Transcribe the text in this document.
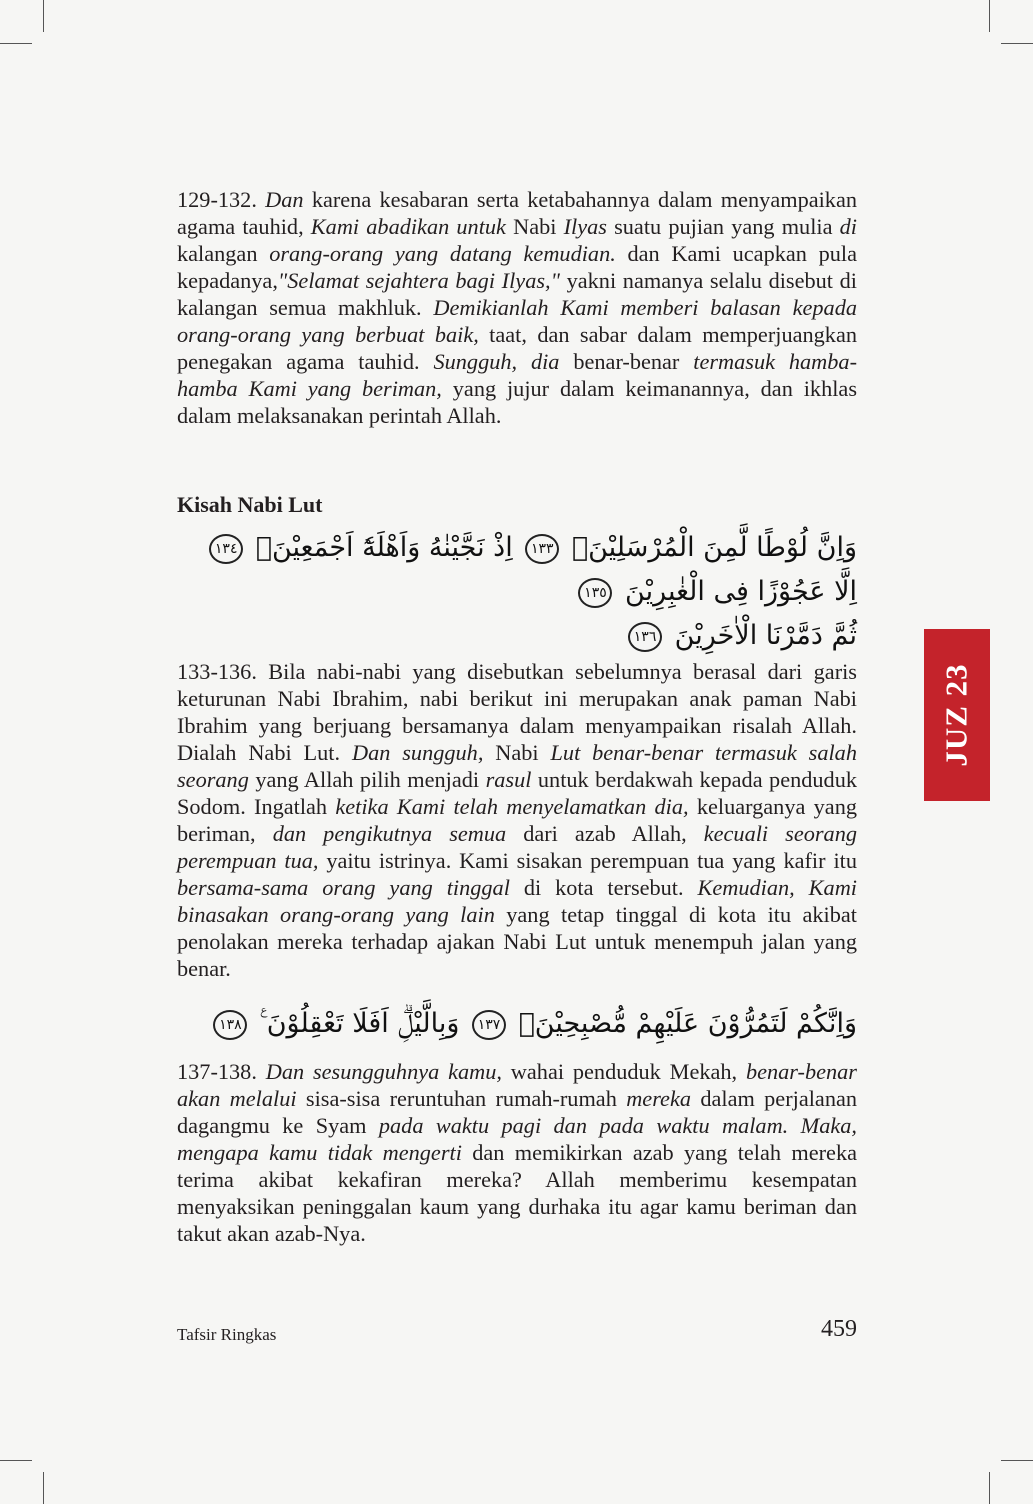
129-132. Dan karena kesabaran serta ketabahannya dalam menyampaikan agama tauhid, Kami abadikan untuk Nabi Ilyas suatu pujian yang mulia di kalangan orang-orang yang datang kemudian. dan Kami ucapkan pula kepadanya,"Selamat sejahtera bagi Ilyas," yakni namanya selalu disebut di kalangan semua makhluk. Demikianlah Kami memberi balasan kepada orang-orang yang berbuat baik, taat, dan sabar dalam memperjuangkan penegakan agama tauhid. Sungguh, dia benar-benar termasuk hamba-hamba Kami yang beriman, yang jujur dalam keimanannya, dan ikhlas dalam melaksanakan perintah Allah.

Kisah Nabi Lut
وَاِنَّ لُوْطًا لَّمِنَ الْمُرْسَلِيْنَۗ ١٣٣ اِذْ نَجَّيْنٰهُ وَاَهْلَهٗٓ اَجْمَعِيْنَۙ ١٣٤ اِلَّا عَجُوْزًا فِى الْغٰبِرِيْنَ ١٣٥
ثُمَّ دَمَّرْنَا الْاٰخَرِيْنَ ١٣٦

133-136. Bila nabi-nabi yang disebutkan sebelumnya berasal dari garis keturunan Nabi Ibrahim, nabi berikut ini merupakan anak paman Nabi Ibrahim yang berjuang bersamanya dalam menyampaikan risalah Allah. Dialah Nabi Lut. Dan sungguh, Nabi Lut benar-benar termasuk salah seorang yang Allah pilih menjadi rasul untuk berdakwah kepada penduduk Sodom. Ingatlah ketika Kami telah menyelamatkan dia, keluarganya yang beriman, dan pengikutnya semua dari azab Allah, kecuali seorang perempuan tua, yaitu istrinya. Kami sisakan perempuan tua yang kafir itu bersama-sama orang yang tinggal di kota tersebut. Kemudian, Kami binasakan orang-orang yang lain yang tetap tinggal di kota itu akibat penolakan mereka terhadap ajakan Nabi Lut untuk menempuh jalan yang benar.

وَاِنَّكُمْ لَتَمُرُّوْنَ عَلَيْهِمْ مُّصْبِحِيْنَۙ ١٣٧ وَبِالَّيْلِۗ اَفَلَا تَعْقِلُوْنَ ࣖ ١٣٨

137-138. Dan sesungguhnya kamu, wahai penduduk Mekah, benar-benar akan melalui sisa-sisa reruntuhan rumah-rumah mereka dalam perjalanan dagangmu ke Syam pada waktu pagi dan pada waktu malam. Maka, mengapa kamu tidak mengerti dan memikirkan azab yang telah mereka terima akibat kekafiran mereka? Allah memberimu kesempatan menyaksikan peninggalan kaum yang durhaka itu agar kamu beriman dan takut akan azab-Nya.

JUZ 23
Tafsir Ringkas	459
